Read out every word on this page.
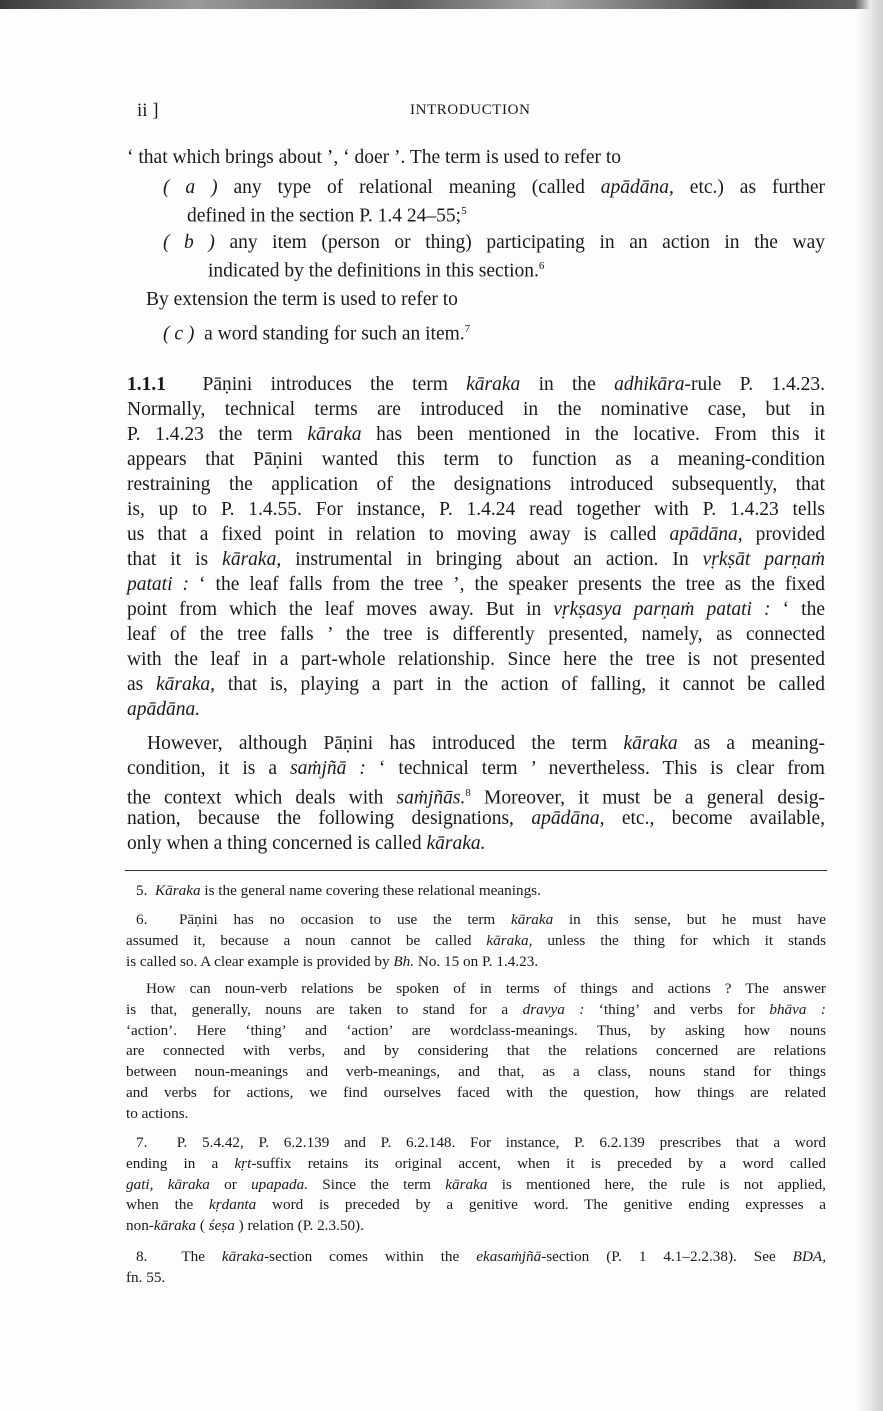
ii ]	INTRODUCTION
‘ that which brings about ’, ‘ doer ’. The term is used to refer to
( a ) any type of relational meaning (called apādāna, etc.) as further
defined in the section P. 1.4 24–55;$^5$
( b ) any item (person or thing) participating in an action in the way
indicated by the definitions in this section.$^6$
By extension the term is used to refer to
( c ) a word standing for such an item.$^7$
1.1.1 Pāṇini introduces the term kāraka in the adhikāra-rule P. 1.4.23.
Normally, technical terms are introduced in the nominative case, but in
P. 1.4.23 the term kāraka has been mentioned in the locative. From this it
appears that Pāṇini wanted this term to function as a meaning-condition
restraining the application of the designations introduced subsequently, that
is, up to P. 1.4.55. For instance, P. 1.4.24 read together with P. 1.4.23 tells
us that a fixed point in relation to moving away is called apādāna, provided
that it is kāraka, instrumental in bringing about an action. In vṛkṣāt parṇaṁ
patati : ‘ the leaf falls from the tree ’, the speaker presents the tree as the fixed
point from which the leaf moves away. But in vṛkṣasya parṇaṁ patati : ‘ the
leaf of the tree falls ’ the tree is differently presented, namely, as connected
with the leaf in a part-whole relationship. Since here the tree is not presented
as kāraka, that is, playing a part in the action of falling, it cannot be called
apādāna.
However, although Pāṇini has introduced the term kāraka as a meaning-
condition, it is a saṁjñā : ‘ technical term ’ nevertheless. This is clear from
the context which deals with saṁjñās.$^8$ Moreover, it must be a general desig-
nation, because the following designations, apādāna, etc., become available,
only when a thing concerned is called kāraka.
5. Kāraka is the general name covering these relational meanings.
6. Pāṇini has no occasion to use the term kāraka in this sense, but he must have
assumed it, because a noun cannot be called kāraka, unless the thing for which it stands
is called so. A clear example is provided by Bh. No. 15 on P. 1.4.23.
How can noun-verb relations be spoken of in terms of things and actions ? The answer
is that, generally, nouns are taken to stand for a dravya : ‘thing’ and verbs for bhāva :
‘action’. Here ‘thing’ and ‘action’ are wordclass-meanings. Thus, by asking how nouns
are connected with verbs, and by considering that the relations concerned are relations
between noun-meanings and verb-meanings, and that, as a class, nouns stand for things
and verbs for actions, we find ourselves faced with the question, how things are related
to actions.
7. P. 5.4.42, P. 6.2.139 and P. 6.2.148. For instance, P. 6.2.139 prescribes that a word
ending in a kṛt-suffix retains its original accent, when it is preceded by a word called
gati, kāraka or upapada. Since the term kāraka is mentioned here, the rule is not applied,
when the kṛdanta word is preceded by a genitive word. The genitive ending expresses a
non-kāraka ( śeṣa ) relation (P. 2.3.50).
8. The kāraka-section comes within the ekasaṁjñā-section (P. 1 4.1–2.2.38). See BDA,
fn. 55.
